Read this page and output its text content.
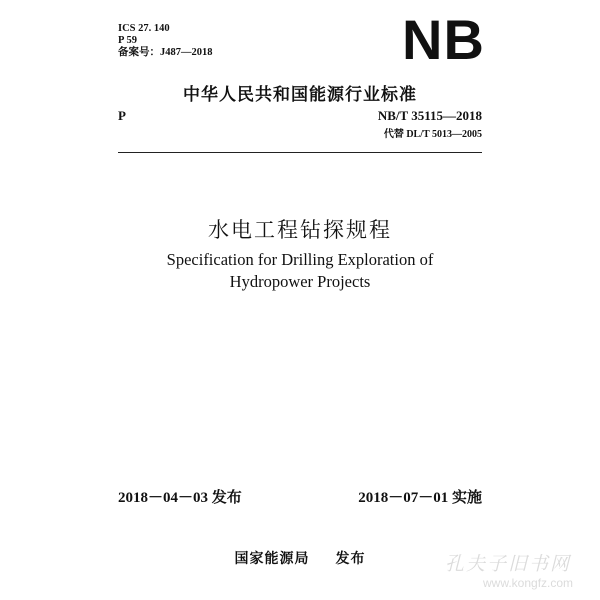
ICS 27. 140
P 59
备案号：J487—2018	NB
中华人民共和国能源行业标准
P	NB/T 35115—2018
代替 DL/T 5013—2005
水电工程钻探规程
Specification for Drilling Exploration of
Hydropower Projects
2018－04－03 发布	2018－07－01 实施
国家能源局 发布	孔夫子旧书网
www.kongfz.com
